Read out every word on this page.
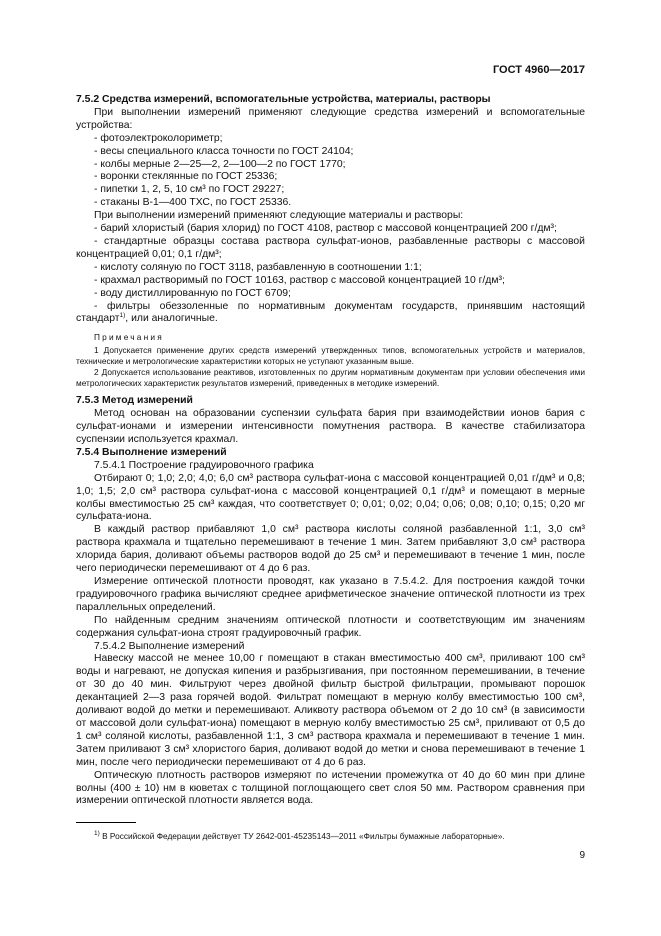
ГОСТ 4960—2017

7.5.2 Средства измерений, вспомогательные устройства, материалы, растворы

При выполнении измерений применяют следующие средства измерений и вспомогательные устройства:

- фотоэлектроколориметр;

- весы специального класса точности по ГОСТ 24104;

- колбы мерные 2—25—2, 2—100—2 по ГОСТ 1770;

- воронки стеклянные по ГОСТ 25336;

- пипетки 1, 2, 5, 10 см³ по ГОСТ 29227;

- стаканы В-1—400 ТХС, по ГОСТ 25336.

При выполнении измерений применяют следующие материалы и растворы:

- барий хлористый (бария хлорид) по ГОСТ 4108, раствор с массовой концентрацией 200 г/дм³;

- стандартные образцы состава раствора сульфат-ионов, разбавленные растворы с массовой концентрацией 0,01; 0,1 г/дм³;

- кислоту соляную по ГОСТ 3118, разбавленную в соотношении 1:1;

- крахмал растворимый по ГОСТ 10163, раствор с массовой концентрацией 10 г/дм³;

- воду дистиллированную по ГОСТ 6709;

- фильтры обеззоленные по нормативным документам государств, принявшим настоящий стандарт$^{1)}$, или аналогичные.

Примечания

1 Допускается применение других средств измерений утвержденных типов, вспомогательных устройств и материалов, технические и метрологические характеристики которых не уступают указанным выше.

2 Допускается использование реактивов, изготовленных по другим нормативным документам при условии обеспечения ими метрологических характеристик результатов измерений, приведенных в методике измерений.

7.5.3 Метод измерений

Метод основан на образовании суспензии сульфата бария при взаимодействии ионов бария с сульфат-ионами и измерении интенсивности помутнения раствора. В качестве стабилизатора суспензии используется крахмал.

7.5.4 Выполнение измерений

7.5.4.1 Построение градуировочного графика

Отбирают 0; 1,0; 2,0; 4,0; 6,0 см³ раствора сульфат-иона с массовой концентрацией 0,01 г/дм³ и 0,8; 1,0; 1,5; 2,0 см³ раствора сульфат-иона с массовой концентрацией 0,1 г/дм³ и помещают в мерные колбы вместимостью 25 см³ каждая, что соответствует 0; 0,01; 0,02; 0,04; 0,06; 0,08; 0,10; 0,15; 0,20 мг сульфата-иона.

В каждый раствор прибавляют 1,0 см³ раствора кислоты соляной разбавленной 1:1, 3,0 см³ раствора крахмала и тщательно перемешивают в течение 1 мин. Затем прибавляют 3,0 см³ раствора хлорида бария, доливают объемы растворов водой до 25 см³ и перемешивают в течение 1 мин, после чего периодически перемешивают от 4 до 6 раз.

Измерение оптической плотности проводят, как указано в 7.5.4.2. Для построения каждой точки градуировочного графика вычисляют среднее арифметическое значение оптической плотности из трех параллельных определений.

По найденным средним значениям оптической плотности и соответствующим им значениям содержания сульфат-иона строят градуировочный график.

7.5.4.2 Выполнение измерений

Навеску массой не менее 10,00 г помещают в стакан вместимостью 400 см³, приливают 100 см³ воды и нагревают, не допуская кипения и разбрызгивания, при постоянном перемешивании, в течение от 30 до 40 мин. Фильтруют через двойной фильтр быстрой фильтрации, промывают порошок декантацией 2—3 раза горячей водой. Фильтрат помещают в мерную колбу вместимостью 100 см³, доливают водой до метки и перемешивают. Аликвоту раствора объемом от 2 до 10 см³ (в зависимости от массовой доли сульфат-иона) помещают в мерную колбу вместимостью 25 см³, приливают от 0,5 до 1 см³ соляной кислоты, разбавленной 1:1, 3 см³ раствора крахмала и перемешивают в течение 1 мин. Затем приливают 3 см³ хлористого бария, доливают водой до метки и снова перемешивают в течение 1 мин, после чего периодически перемешивают от 4 до 6 раз.

Оптическую плотность растворов измеряют по истечении промежутка от 40 до 60 мин при длине волны (400 ± 10) нм в кюветах с толщиной поглощающего свет слоя 50 мм. Раствором сравнения при измерении оптической плотности является вода.

$^{1)}$ В Российской Федерации действует ТУ 2642-001-45235143—2011 «Фильтры бумажные лабораторные».
9
